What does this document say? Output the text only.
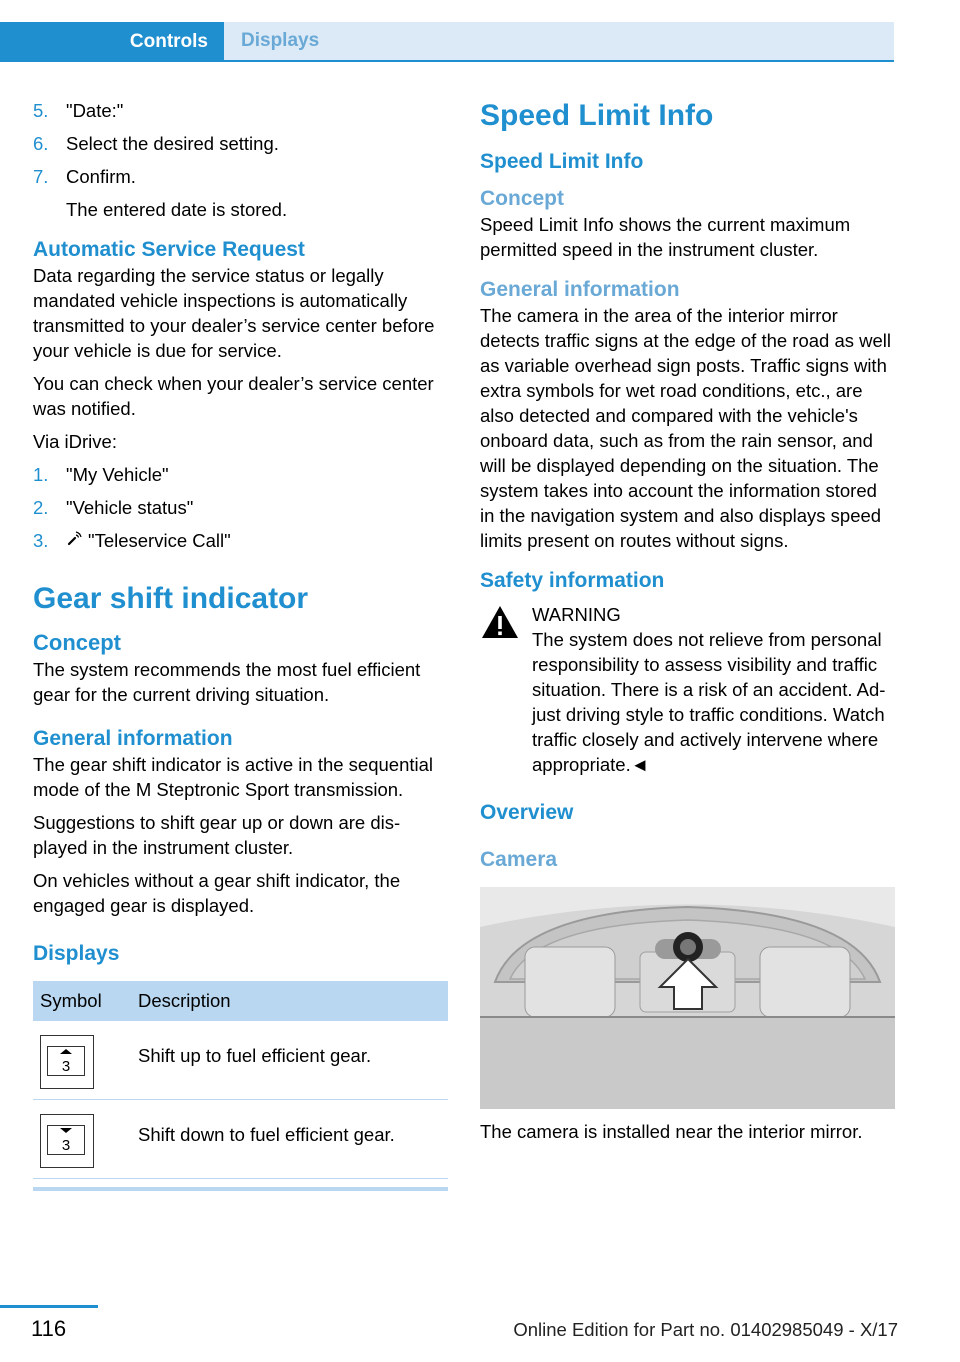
Controls	Displays
5. "Date:"
6. Select the desired setting.
7. Confirm.
The entered date is stored.
Automatic Service Request

Data regarding the service status or legally mandated vehicle inspections is automatically transmitted to your dealer’s service center before your vehicle is due for service.

You can check when your dealer’s service center was notified.

Via iDrive:

1. "My Vehicle"
2. "Vehicle status"
3. "Teleservice Call"
Gear shift indicator
Concept

The system recommends the most fuel efficient gear for the current driving situation.

General information

The gear shift indicator is active in the sequential mode of the M Steptronic Sport transmission.

Suggestions to shift gear up or down are displayed in the instrument cluster.

On vehicles without a gear shift indicator, the engaged gear is displayed.

Displays
Symbol	Description

3	Shift up to fuel efficient gear.

3	Shift down to fuel efficient gear.
Speed Limit Info
Speed Limit Info
Concept

Speed Limit Info shows the current maximum permitted speed in the instrument cluster.

General information

The camera in the area of the interior mirror detects traffic signs at the edge of the road as well as variable overhead sign posts. Traffic signs with extra symbols for wet road conditions, etc., are also detected and compared with the vehicle's onboard data, such as from the rain sensor, and will be displayed depending on the situation. The system takes into account the information stored in the navigation system and also displays speed limits present on routes without signs.

Safety information
WARNING
The system does not relieve from personal responsibility to assess visibility and traffic situation. There is a risk of an accident. Adjust driving style to traffic conditions. Watch traffic closely and actively intervene where appropriate.◄
Overview
Camera

The camera is installed near the interior mirror.

116	Online Edition for Part no. 01402985049 - X/17
